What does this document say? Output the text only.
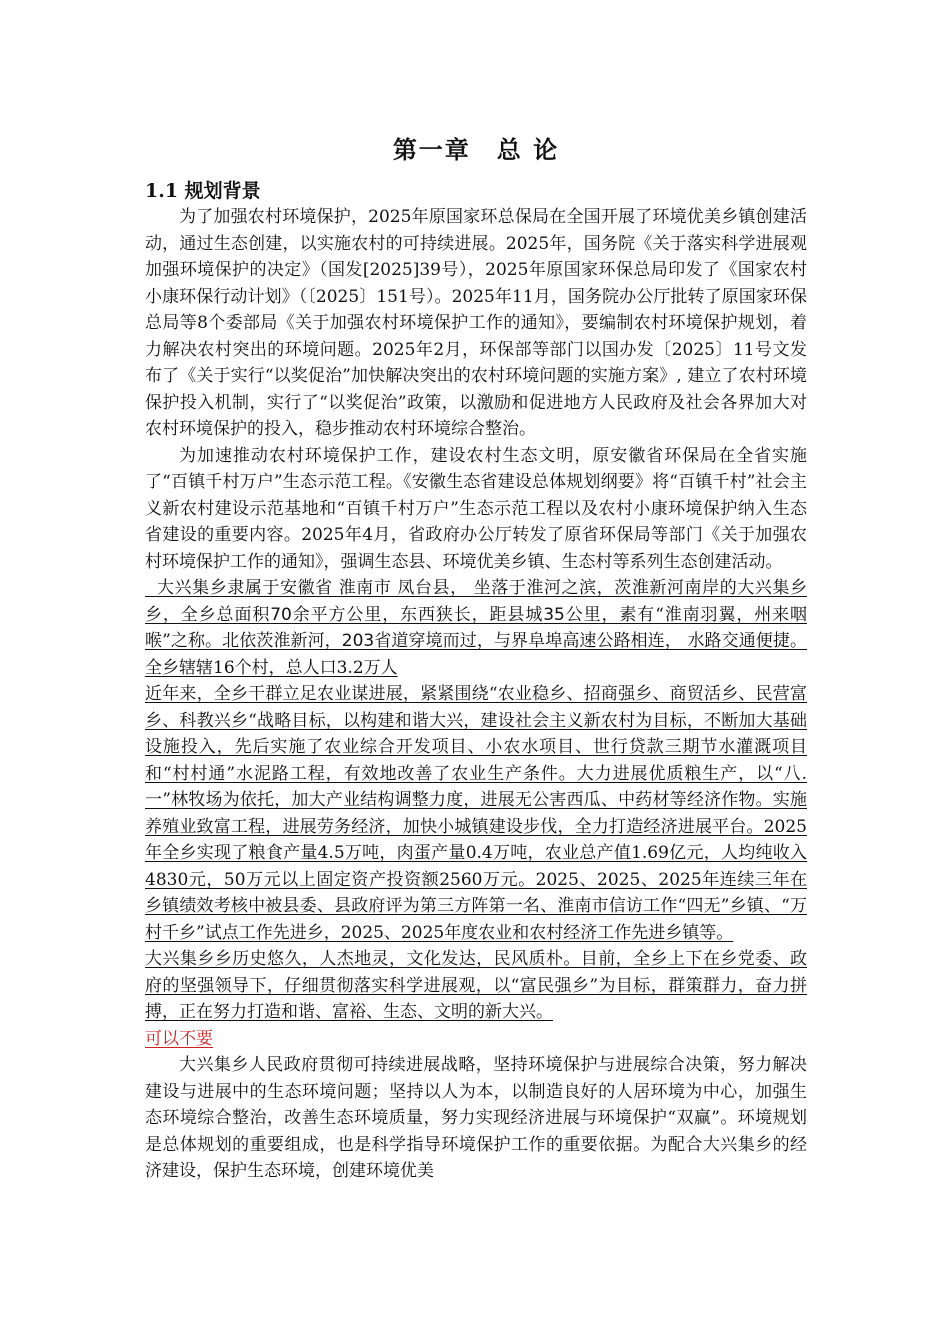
第一章　总 论
1.1 规划背景

为了加强农村环境保护，2025年原国家环总保局在全国开展了环境优美乡镇创建活动，通过生态创建，以实施农村的可持续进展。2025年，国务院《关于落实科学进展观加强环境保护的决定》（国发[2025]39号），2025年原国家环保总局印发了《国家农村小康环保行动计划》（〔2025〕151号）。2025年11月，国务院办公厅批转了原国家环保总局等8个委部局《关于加强农村环境保护工作的通知》，要编制农村环境保护规划，着力解决农村突出的环境问题。2025年2月，环保部等部门以国办发〔2025〕11号文发布了《关于实行“以奖促治”加快解决突出的农村环境问题的实施方案》, 建立了农村环境保护投入机制，实行了“以奖促治”政策，以激励和促进地方人民政府及社会各界加大对农村环境保护的投入，稳步推动农村环境综合整治。

为加速推动农村环境保护工作，建设农村生态文明，原安徽省环保局在全省实施了“百镇千村万户”生态示范工程。《安徽生态省建设总体规划纲要》将“百镇千村”社会主义新农村建设示范基地和“百镇千村万户”生态示范工程以及农村小康环境保护纳入生态省建设的重要内容。2025年4月，省政府办公厅转发了原省环保局等部门《关于加强农村环境保护工作的通知》，强调生态县、环境优美乡镇、生态村等系列生态创建活动。

大兴集乡隶属于安徽省 淮南市 凤台县， 坐落于淮河之滨，茨淮新河南岸的大兴集乡乡，全乡总面积70余平方公里，东西狭长，距县城35公里，素有“淮南羽翼，州来咽喉”之称。北依茨淮新河，203省道穿境而过，与界阜埠高速公路相连， 水路交通便捷。 全乡辖辖16个村，总人口3.2万人

近年来，全乡干群立足农业谋进展，紧紧围绕“农业稳乡、招商强乡、商贸活乡、民营富乡、科教兴乡“战略目标，以构建和谐大兴，建设社会主义新农村为目标，不断加大基础设施投入，先后实施了农业综合开发项目、小农水项目、世行贷款三期节水灌溉项目和“村村通”水泥路工程，有效地改善了农业生产条件。大力进展优质粮生产，以“八.一”林牧场为依托，加大产业结构调整力度，进展无公害西瓜、中药材等经济作物。实施养殖业致富工程，进展劳务经济，加快小城镇建设步伐，全力打造经济进展平台。2025年全乡实现了粮食产量4.5万吨，肉蛋产量0.4万吨，农业总产值1.69亿元，人均纯收入4830元，50万元以上固定资产投资额2560万元。2025、2025、2025年连续三年在乡镇绩效考核中被县委、县政府评为第三方阵第一名、淮南市信访工作“四无”乡镇、“万村千乡”试点工作先进乡，2025、2025年度农业和农村经济工作先进乡镇等。

大兴集乡乡历史悠久，人杰地灵，文化发达，民风质朴。目前，全乡上下在乡党委、政府的坚强领导下，仔细贯彻落实科学进展观，以“富民强乡”为目标，群策群力，奋力拼搏，正在努力打造和谐、富裕、生态、文明的新大兴。

可以不要

大兴集乡人民政府贯彻可持续进展战略，坚持环境保护与进展综合决策，努力解决建设与进展中的生态环境问题；坚持以人为本，以制造良好的人居环境为中心，加强生态环境综合整治，改善生态环境质量，努力实现经济进展与环境保护“双赢”。环境规划是总体规划的重要组成，也是科学指导环境保护工作的重要依据。为配合大兴集乡的经济建设，保护生态环境，创建环境优美
